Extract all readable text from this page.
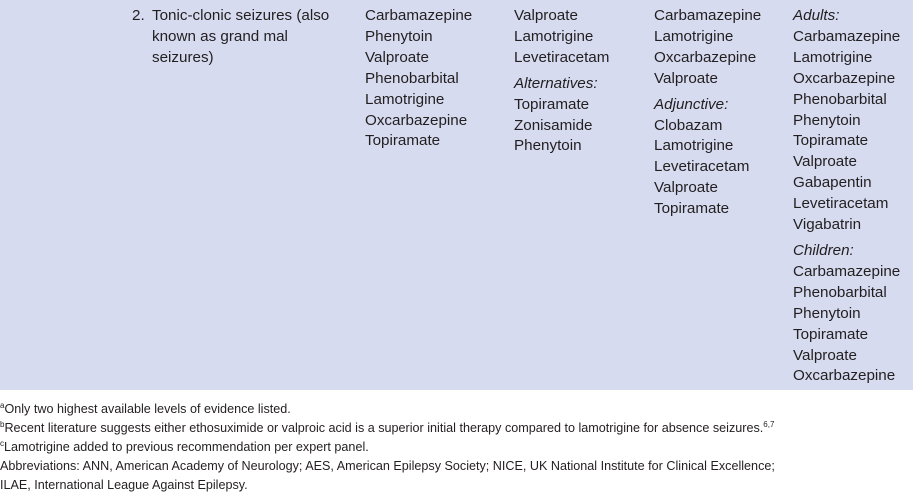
2. Tonic-clonic seizures (also known as grand mal seizures)
Carbamazepine
Phenytoin
Valproate
Phenobarbital
Lamotrigine
Oxcarbazepine
Topiramate
Valproate
Lamotrigine
Levetiracetam
Alternatives:
Topiramate
Zonisamide
Phenytoin
Carbamazepine
Lamotrigine
Oxcarbazepine
Valproate
Adjunctive:
Clobazam
Lamotrigine
Levetiracetam
Valproate
Topiramate
Adults:
Carbamazepine
Lamotrigine
Oxcarbazepine
Phenobarbital
Phenytoin
Topiramate
Valproate
Gabapentin
Levetiracetam
Vigabatrin
Children:
Carbamazepine
Phenobarbital
Phenytoin
Topiramate
Valproate
Oxcarbazepine
$^a$Only two highest available levels of evidence listed.
$^b$Recent literature suggests either ethosuximide or valproic acid is a superior initial therapy compared to lamotrigine for absence seizures.$^{6,7}$
$^c$Lamotrigine added to previous recommendation per expert panel.
Abbreviations: ANN, American Academy of Neurology; AES, American Epilepsy Society; NICE, UK National Institute for Clinical Excellence;
ILAE, International League Against Epilepsy.
